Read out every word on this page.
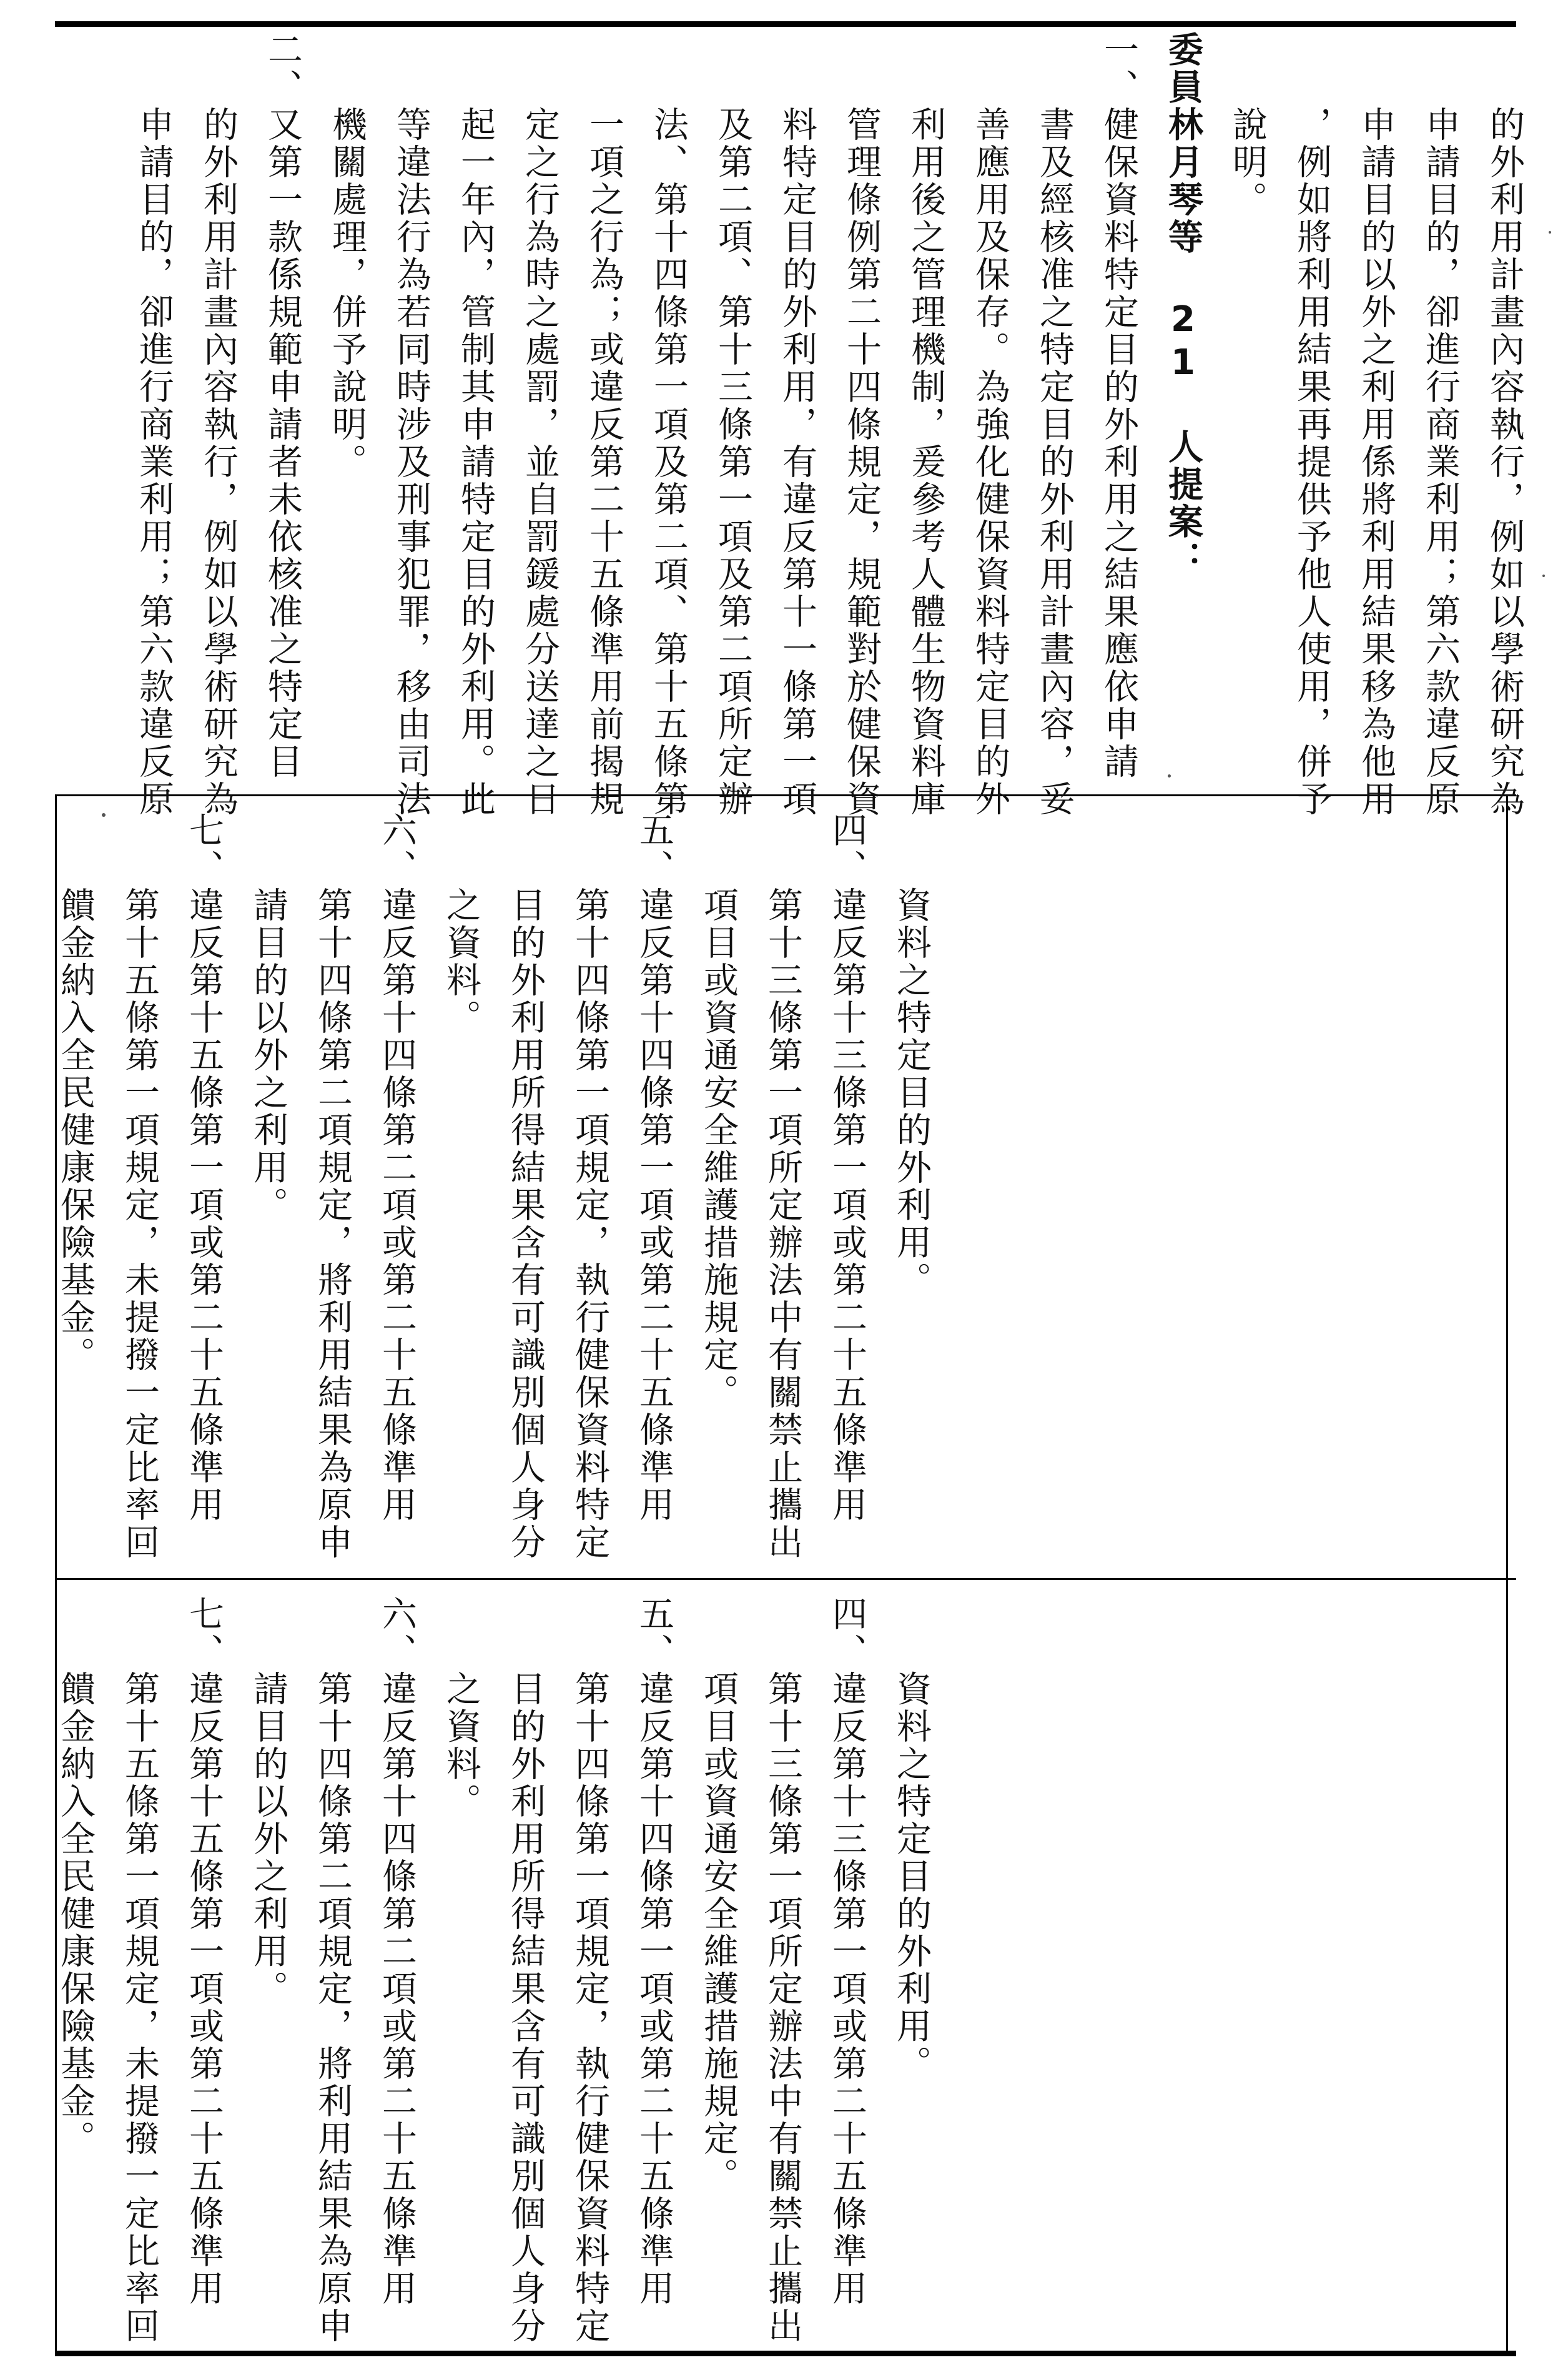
的外利用計畫內容執行，例如以學術研究為

申請目的，卻進行商業利用；第六款違反原

申請目的以外之利用係將利用結果移為他用

，例如將利用結果再提供予他人使用，併予

說明。

委員林月琴等 21 人提案：

一、健保資料特定目的外利用之結果應依申請

書及經核准之特定目的外利用計畫內容，妥

善應用及保存。為強化健保資料特定目的外

利用後之管理機制，爰參考人體生物資料庫

管理條例第二十四條規定，規範對於健保資

料特定目的外利用，有違反第十一條第一項

及第二項、第十三條第一項及第二項所定辦

法、第十四條第一項及第二項、第十五條第

一項之行為；或違反第二十五條準用前揭規

定之行為時之處罰，並自罰鍰處分送達之日

起一年內，管制其申請特定目的外利用。此

等違法行為若同時涉及刑事犯罪，移由司法

機關處理，併予說明。

二、又第一款係規範申請者未依核准之特定目

的外利用計畫內容執行，例如以學術研究為

申請目的，卻進行商業利用；第六款違反原

資料之特定目的外利用。

四、違反第十三條第一項或第二十五條準用

第十三條第一項所定辦法中有關禁止攜出

項目或資通安全維護措施規定。

五、違反第十四條第一項或第二十五條準用

第十四條第一項規定，執行健保資料特定

目的外利用所得結果含有可識別個人身分

之資料。

六、違反第十四條第二項或第二十五條準用

第十四條第二項規定，將利用結果為原申

請目的以外之利用。

七、違反第十五條第一項或第二十五條準用

第十五條第一項規定，未提撥一定比率回

饋金納入全民健康保險基金。

資料之特定目的外利用。

四、違反第十三條第一項或第二十五條準用

第十三條第一項所定辦法中有關禁止攜出

項目或資通安全維護措施規定。

五、違反第十四條第一項或第二十五條準用

第十四條第一項規定，執行健保資料特定

目的外利用所得結果含有可識別個人身分

之資料。

六、違反第十四條第二項或第二十五條準用

第十四條第二項規定，將利用結果為原申

請目的以外之利用。

七、違反第十五條第一項或第二十五條準用

第十五條第一項規定，未提撥一定比率回

饋金納入全民健康保險基金。
